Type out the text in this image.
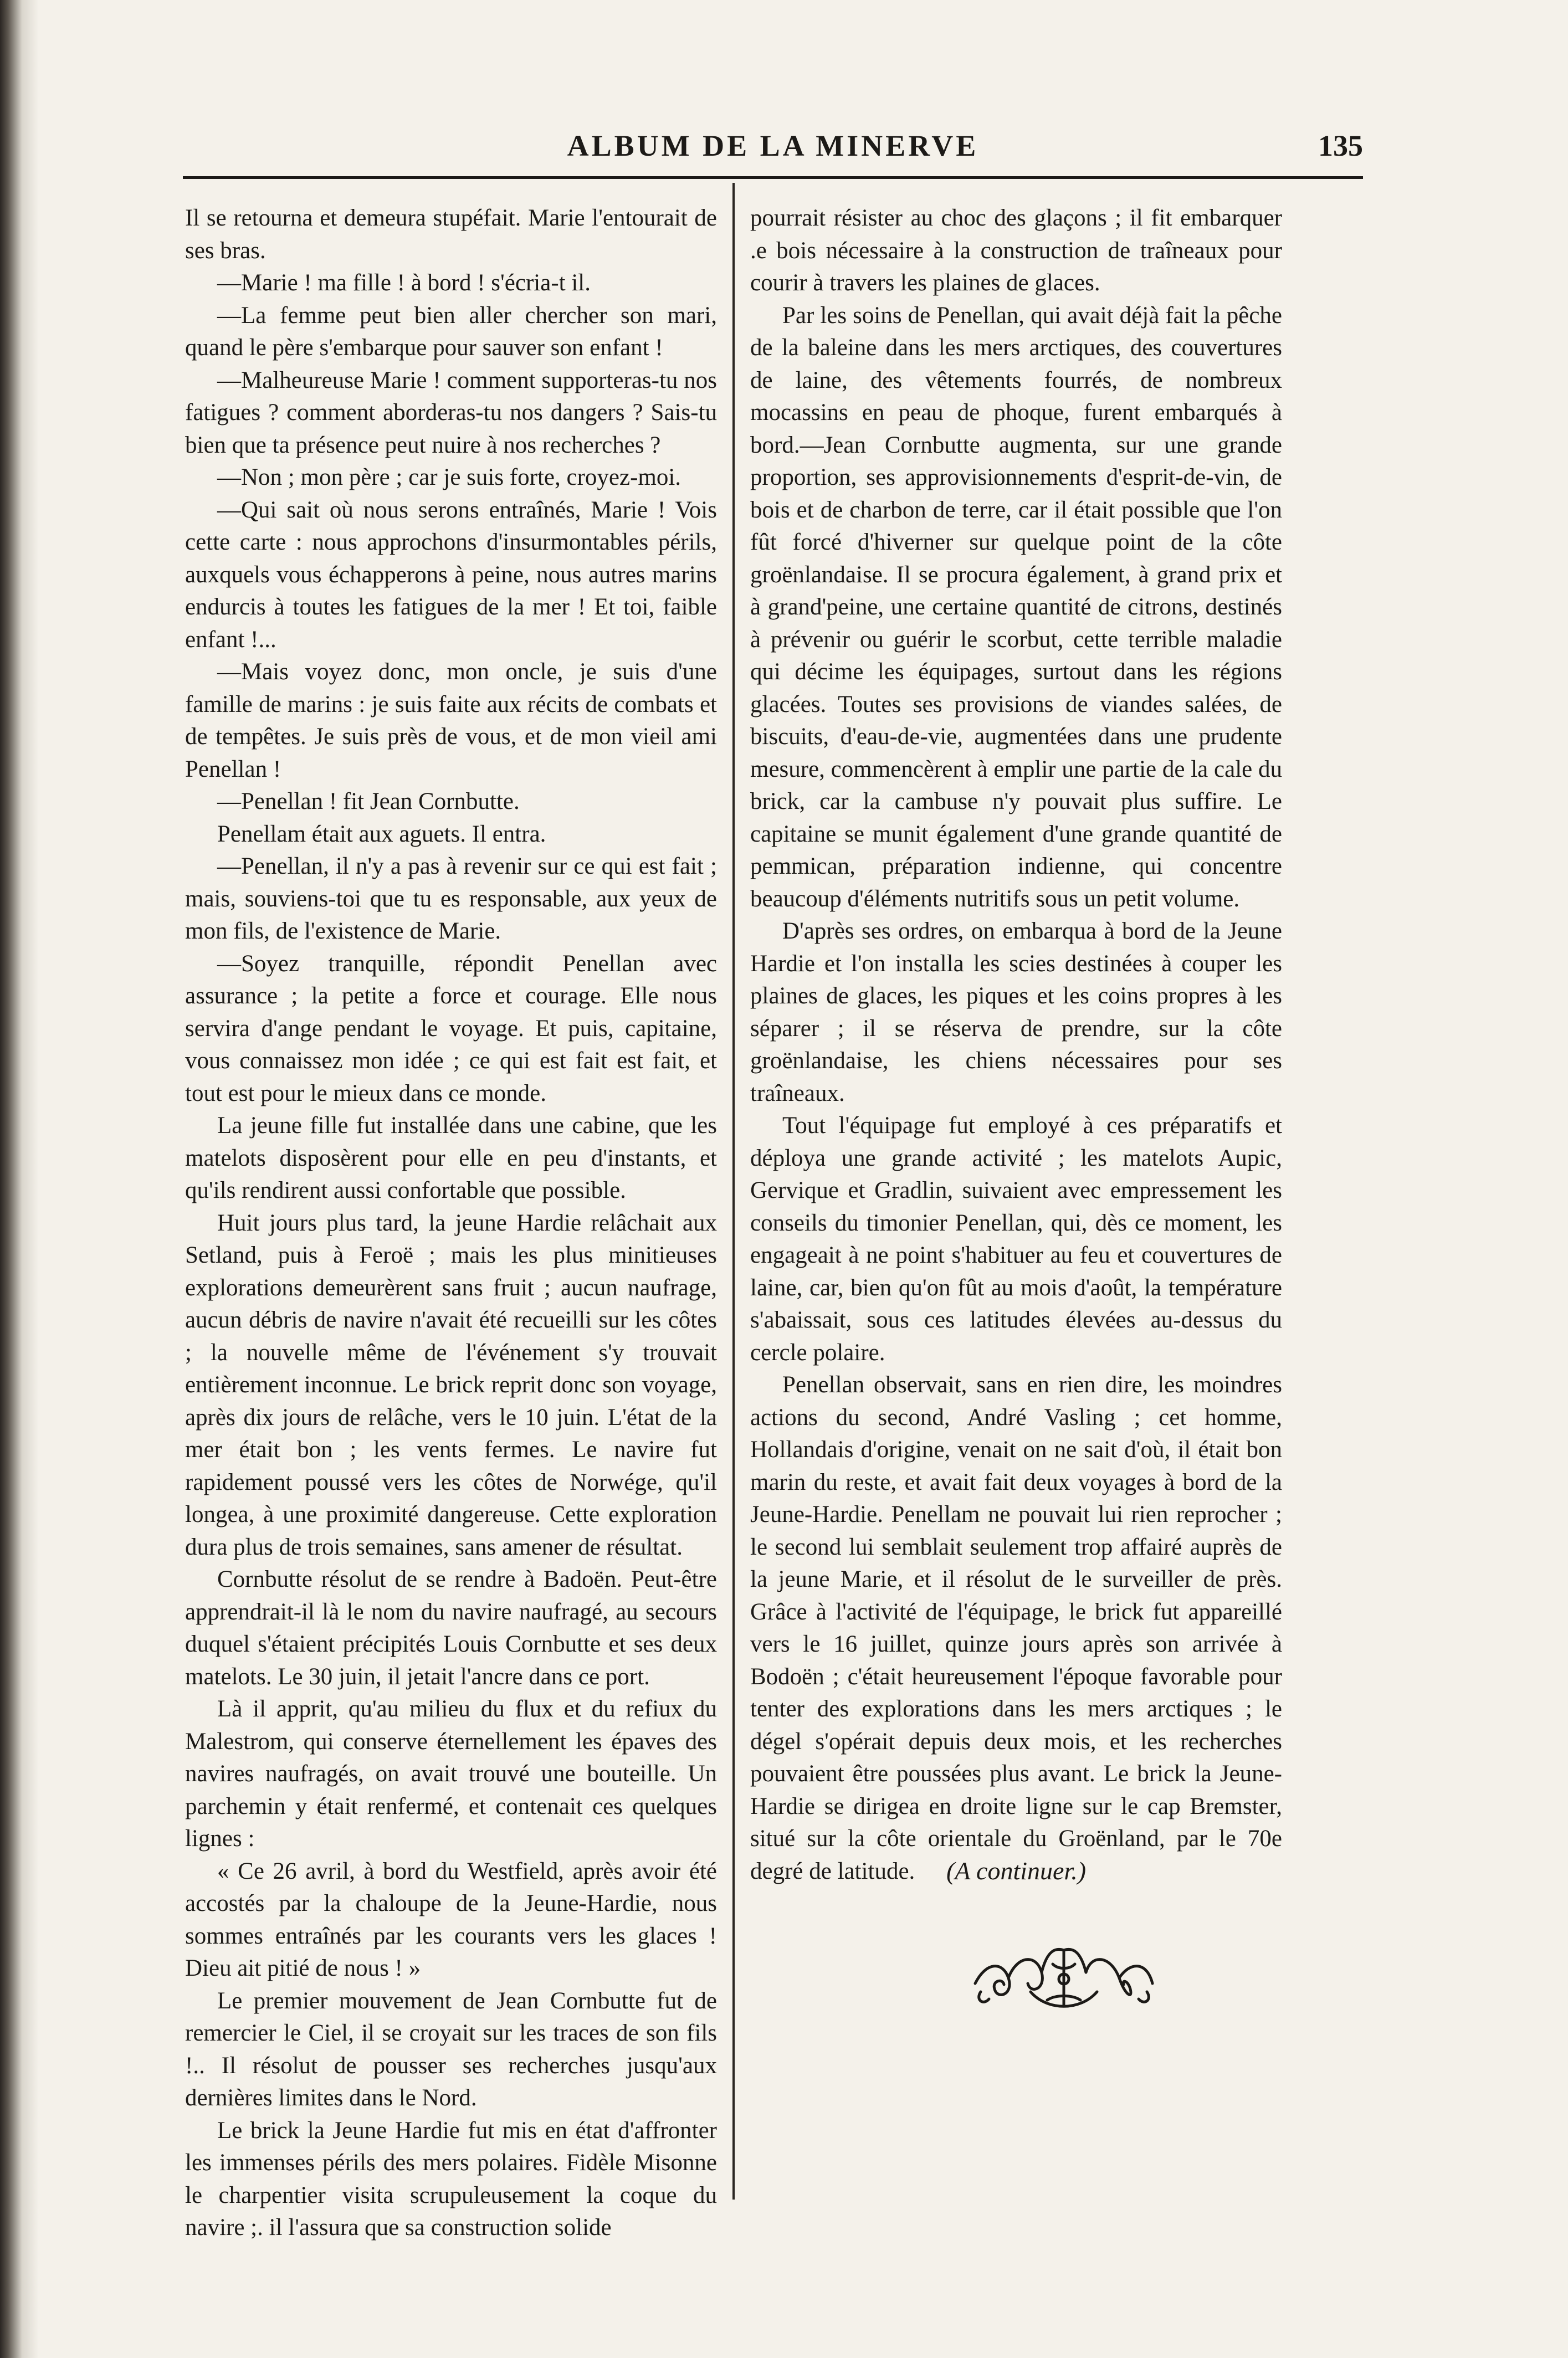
ALBUM DE LA MINERVE	135

Il se retourna et demeura stupéfait. Marie l'entourait de ses bras.

—Marie ! ma fille ! à bord ! s'écria-t il.

—La femme peut bien aller chercher son mari, quand le père s'embarque pour sauver son enfant !

—Malheureuse Marie ! comment supporteras-tu nos fatigues ? comment aborderas-tu nos dangers ? Sais-tu bien que ta présence peut nuire à nos recherches ?

—Non ; mon père ; car je suis forte, croyez-moi.

—Qui sait où nous serons entraînés, Marie ! Vois cette carte : nous approchons d'insurmontables périls, auxquels vous échapperons à peine, nous autres marins endurcis à toutes les fatigues de la mer ! Et toi, faible enfant !...

—Mais voyez donc, mon oncle, je suis d'une famille de marins : je suis faite aux récits de combats et de tempêtes. Je suis près de vous, et de mon vieil ami Penellan !

—Penellan ! fit Jean Cornbutte.

Penellam était aux aguets. Il entra.

—Penellan, il n'y a pas à revenir sur ce qui est fait ; mais, souviens-toi que tu es responsable, aux yeux de mon fils, de l'existence de Marie.

—Soyez tranquille, répondit Penellan avec assurance ; la petite a force et courage. Elle nous servira d'ange pendant le voyage. Et puis, capitaine, vous connaissez mon idée ; ce qui est fait est fait, et tout est pour le mieux dans ce monde.

La jeune fille fut installée dans une cabine, que les matelots disposèrent pour elle en peu d'instants, et qu'ils rendirent aussi confortable que possible.

Huit jours plus tard, la jeune Hardie relâchait aux Setland, puis à Feroë ; mais les plus minitieuses explorations demeurèrent sans fruit ; aucun naufrage, aucun débris de navire n'avait été recueilli sur les côtes ; la nouvelle même de l'événement s'y trouvait entièrement inconnue. Le brick reprit donc son voyage, après dix jours de relâche, vers le 10 juin. L'état de la mer était bon ; les vents fermes. Le navire fut rapidement poussé vers les côtes de Norwége, qu'il longea, à une proximité dangereuse. Cette exploration dura plus de trois semaines, sans amener de résultat.

Cornbutte résolut de se rendre à Badoën. Peut-être apprendrait-il là le nom du navire naufragé, au secours duquel s'étaient précipités Louis Cornbutte et ses deux matelots. Le 30 juin, il jetait l'ancre dans ce port.

Là il apprit, qu'au milieu du flux et du refiux du Malestrom, qui conserve éternellement les épaves des navires naufragés, on avait trouvé une bouteille. Un parchemin y était renfermé, et contenait ces quelques lignes :

« Ce 26 avril, à bord du Westfield, après avoir été accostés par la chaloupe de la Jeune-Hardie, nous sommes entraînés par les courants vers les glaces ! Dieu ait pitié de nous ! »

Le premier mouvement de Jean Cornbutte fut de remercier le Ciel, il se croyait sur les traces de son fils !.. Il résolut de pousser ses recherches jusqu'aux dernières limites dans le Nord.

Le brick la Jeune Hardie fut mis en état d'affronter les immenses périls des mers polaires. Fidèle Misonne le charpentier visita scrupuleusement la coque du navire ;. il l'assura que sa construction solide

pourrait résister au choc des glaçons ; il fit embarquer .e bois nécessaire à la construction de traîneaux pour courir à travers les plaines de glaces.

Par les soins de Penellan, qui avait déjà fait la pêche de la baleine dans les mers arctiques, des couvertures de laine, des vêtements fourrés, de nombreux mocassins en peau de phoque, furent embarqués à bord.—Jean Cornbutte augmenta, sur une grande proportion, ses approvisionnements d'esprit-de-vin, de bois et de charbon de terre, car il était possible que l'on fût forcé d'hiverner sur quelque point de la côte groënlandaise. Il se procura également, à grand prix et à grand'peine, une certaine quantité de citrons, destinés à prévenir ou guérir le scorbut, cette terrible maladie qui décime les équipages, surtout dans les régions glacées. Toutes ses provisions de viandes salées, de biscuits, d'eau-de-vie, augmentées dans une prudente mesure, commencèrent à emplir une partie de la cale du brick, car la cambuse n'y pouvait plus suffire. Le capitaine se munit également d'une grande quantité de pemmican, préparation indienne, qui concentre beaucoup d'éléments nutritifs sous un petit volume.

D'après ses ordres, on embarqua à bord de la Jeune Hardie et l'on installa les scies destinées à couper les plaines de glaces, les piques et les coins propres à les séparer ; il se réserva de prendre, sur la côte groënlandaise, les chiens nécessaires pour ses traîneaux.

Tout l'équipage fut employé à ces préparatifs et déploya une grande activité ; les matelots Aupic, Gervique et Gradlin, suivaient avec empressement les conseils du timonier Penellan, qui, dès ce moment, les engageait à ne point s'habituer au feu et couvertures de laine, car, bien qu'on fût au mois d'août, la température s'abaissait, sous ces latitudes élevées au-dessus du cercle polaire.

Penellan observait, sans en rien dire, les moindres actions du second, André Vasling ; cet homme, Hollandais d'origine, venait on ne sait d'où, il était bon marin du reste, et avait fait deux voyages à bord de la Jeune-Hardie. Penellam ne pouvait lui rien reprocher ; le second lui semblait seulement trop affairé auprès de la jeune Marie, et il résolut de le surveiller de près. Grâce à l'activité de l'équipage, le brick fut appareillé vers le 16 juillet, quinze jours après son arrivée à Bodoën ; c'était heureusement l'époque favorable pour tenter des explorations dans les mers arctiques ; le dégel s'opérait depuis deux mois, et les recherches pouvaient être poussées plus avant. Le brick la Jeune-Hardie se dirigea en droite ligne sur le cap Bremster, situé sur la côte orientale du Groënland, par le 70e degré de latitude.	(A continuer.)
